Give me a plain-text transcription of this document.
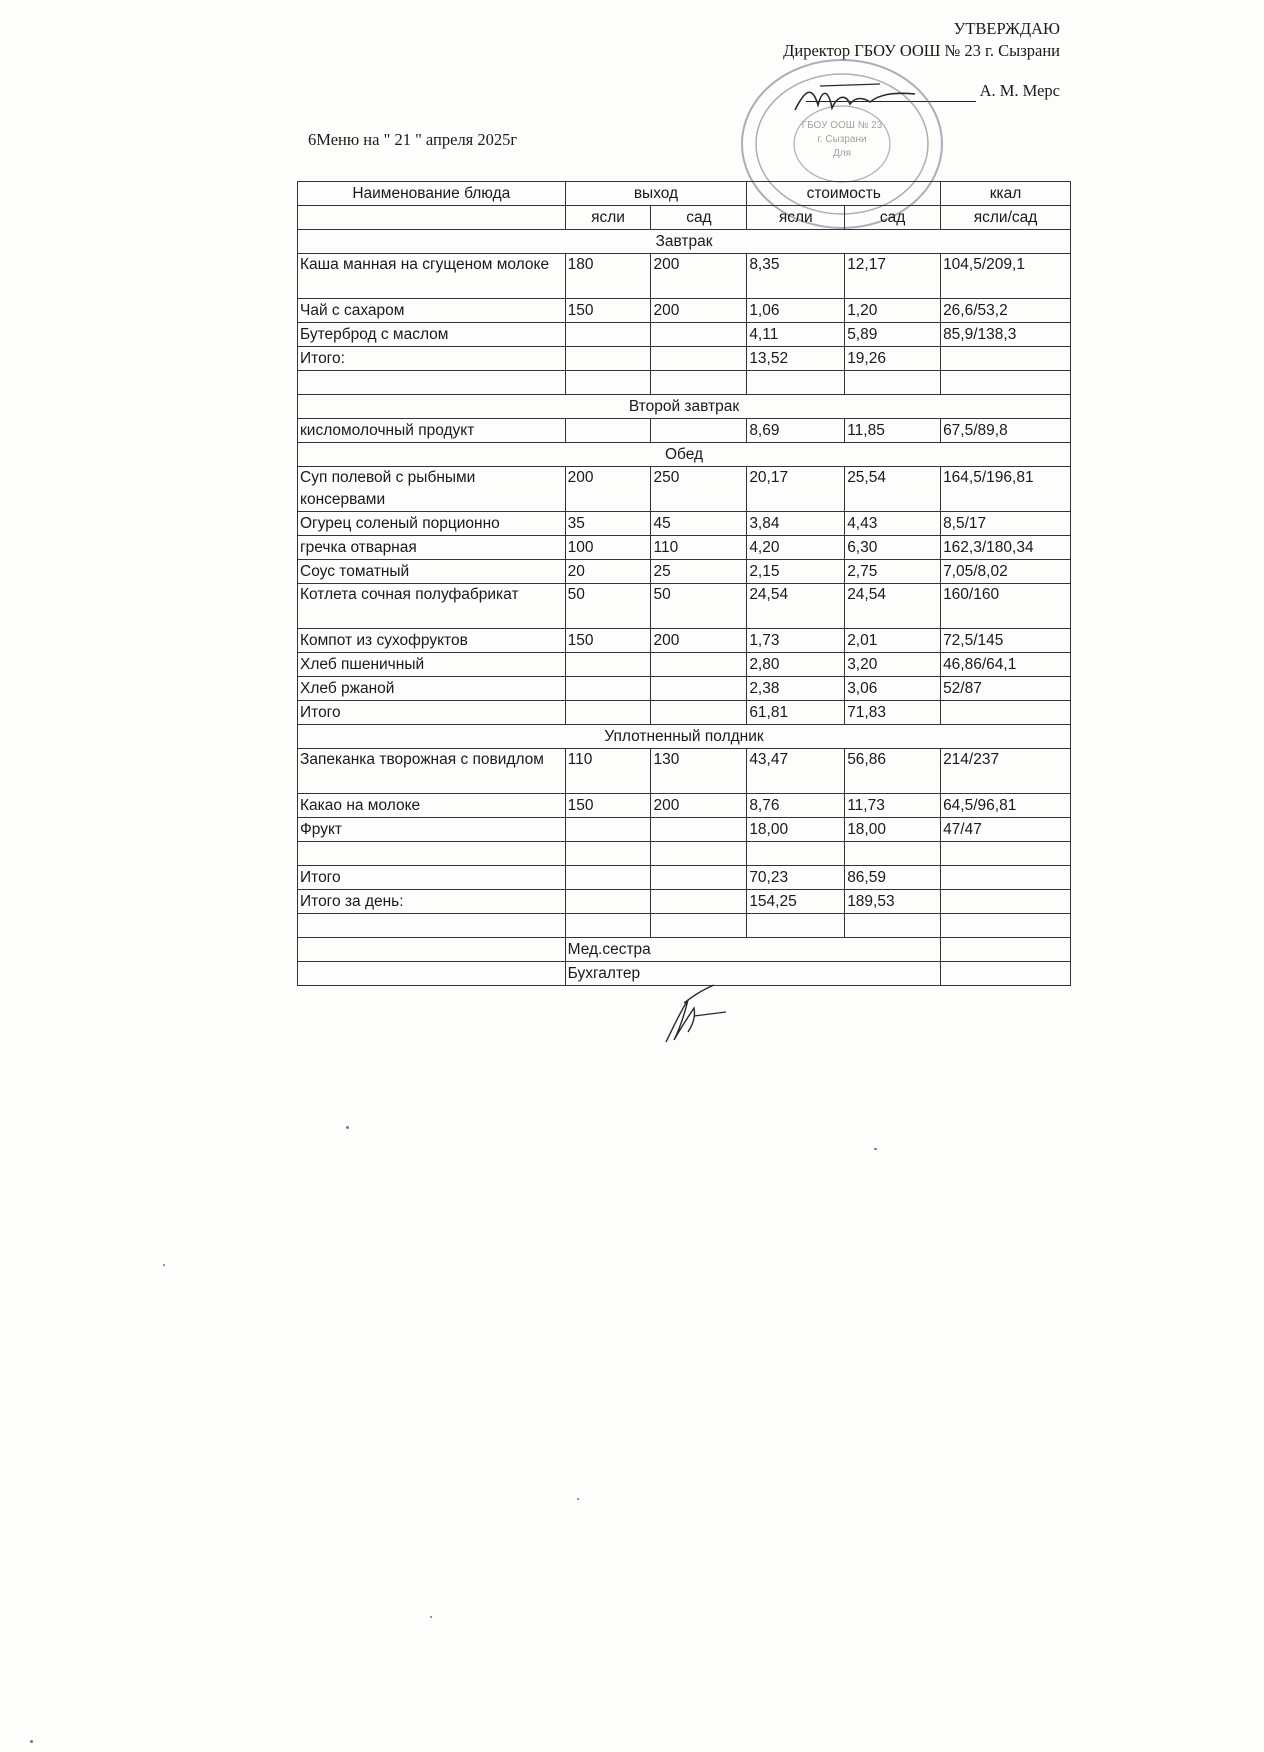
УТВЕРЖДАЮ
Директор ГБОУ ООШ № 23 г. Сызрани
А. М. Мерс
ГБОУ ООШ № 23
г. Сызрани
Для
6Меню на " 21 " апреля 2025г
Наименование блюда	выход		стоимость		ккал
	ясли	сад	ясли	сад	ясли/сад
Завтрак					
Каша манная на сгущеном молоке	180	200	8,35	12,17	104,5/209,1
Чай с сахаром	150	200	1,06	1,20	26,6/53,2
Бутерброд с маслом			4,11	5,89	85,9/138,3
Итого:			13,52	19,26	

Второй завтрак					
кисломолочный продукт			8,69	11,85	67,5/89,8
Обед					
Суп полевой с рыбными консервами	200	250	20,17	25,54	164,5/196,81
Огурец соленый порционно	35	45	3,84	4,43	8,5/17
гречка отварная	100	110	4,20	6,30	162,3/180,34
Соус томатный	20	25	2,15	2,75	7,05/8,02
Котлета сочная полуфабрикат	50	50	24,54	24,54	160/160
Компот из сухофруктов	150	200	1,73	2,01	72,5/145
Хлеб пшеничный			2,80	3,20	46,86/64,1
Хлеб ржаной			2,38	3,06	52/87
Итого			61,81	71,83	
Уплотненный полдник					
Запеканка творожная с повидлом	110	130	43,47	56,86	214/237
Какао на молоке	150	200	8,76	11,73	64,5/96,81
Фрукт			18,00	18,00	47/47

Итого			70,23	86,59	
Итого за день:			154,25	189,53	

	Мед.сестра				
	Бухгалтер				
